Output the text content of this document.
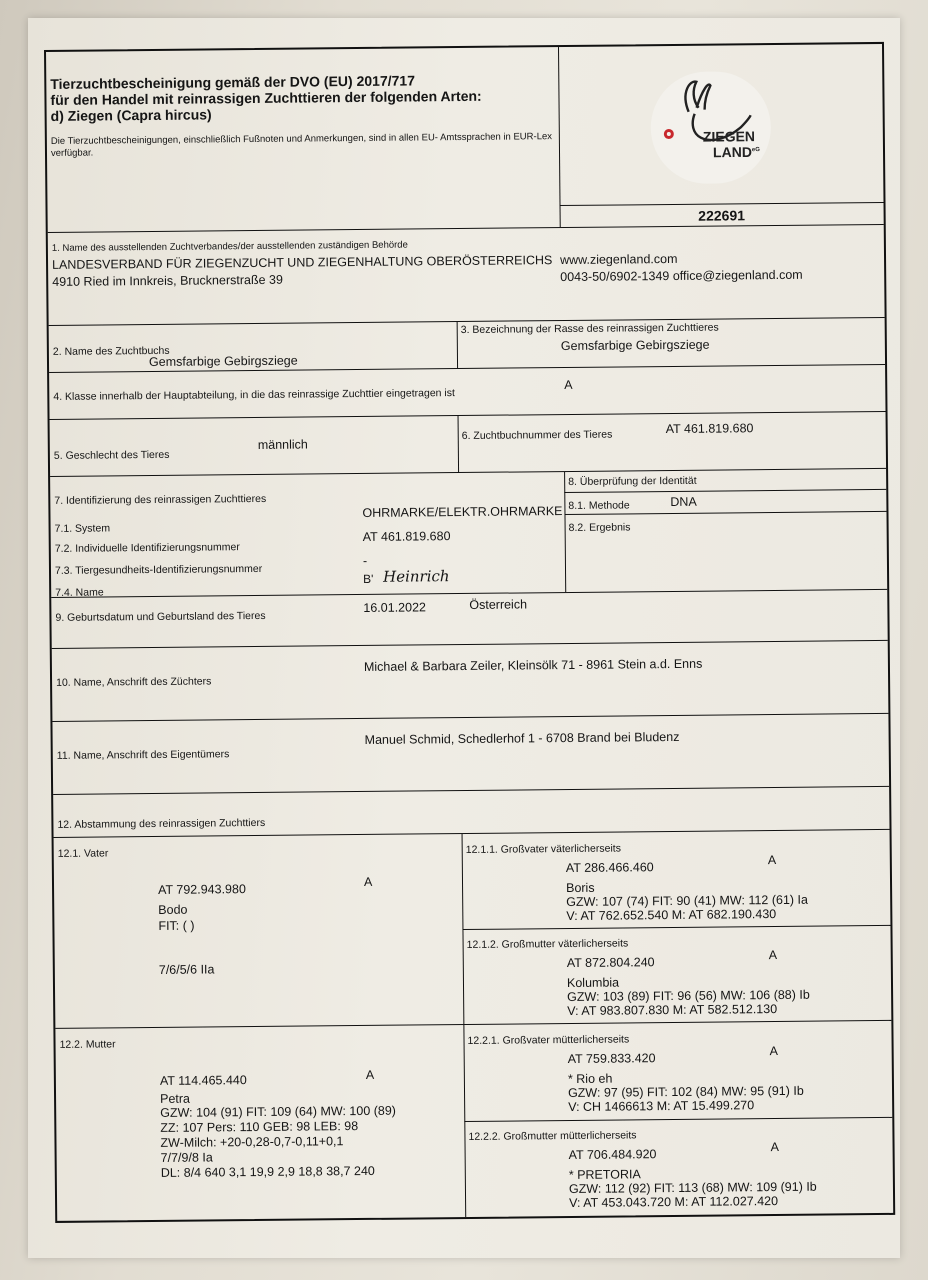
Tierzuchtbescheinigung gemäß der DVO (EU) 2017/717
für den Handel mit reinrassigen Zuchttieren der folgenden Arten:
d) Ziegen (Capra hircus)
Die Tierzuchtbescheinigungen, einschließlich Fußnoten und Anmerkungen, sind in allen EU- Amtssprachen in EUR-Lex verfügbar.
ZIEGEN
$LAND^{eG}$
222691
1. Name des ausstellenden Zuchtverbandes/der ausstellenden zuständigen Behörde
LANDESVERBAND FÜR ZIEGENZUCHT UND ZIEGENHALTUNG OBERÖSTERREICHS
4910 Ried im Innkreis, Brucknerstraße 39
www.ziegenland.com
0043-50/6902-1349 office@ziegenland.com
2. Name des Zuchtbuchs
Gemsfarbige Gebirgsziege
3. Bezeichnung der Rasse des reinrassigen Zuchttieres
Gemsfarbige Gebirgsziege
4. Klasse innerhalb der Hauptabteilung, in die das reinrassige Zuchttier eingetragen ist
A
5. Geschlecht des Tieres
männlich
6. Zuchtbuchnummer des Tieres	AT 461.819.680
7. Identifizierung des reinrassigen Zuchttieres
7.1. System
OHRMARKE/ELEKTR.OHRMARKE
7.2. Individuelle Identifizierungsnummer
AT 461.819.680
7.3. Tiergesundheits-Identifizierungsnummer
-
7.4. Name
B' Heinrich
8. Überprüfung der Identität
8.1. Methode	DNA
8.2. Ergebnis
9. Geburtsdatum und Geburtsland des Tieres
16.01.2022	Österreich
10. Name, Anschrift des Züchters
Michael & Barbara Zeiler, Kleinsölk 71 - 8961 Stein a.d. Enns
11. Name, Anschrift des Eigentümers
Manuel Schmid, Schedlerhof 1 - 6708 Brand bei Bludenz
12. Abstammung des reinrassigen Zuchttiers
12.1. Vater
AT 792.943.980
A
Bodo
FIT: ( )
7/6/5/6 IIa
12.1.1. Großvater väterlicherseits
AT 286.466.460
A
Boris
GZW: 107 (74) FIT: 90 (41) MW: 112 (61) Ia
V: AT 762.652.540 M: AT 682.190.430
12.1.2. Großmutter väterlicherseits
AT 872.804.240
A
Kolumbia
GZW: 103 (89) FIT: 96 (56) MW: 106 (88) Ib
V: AT 983.807.830 M: AT 582.512.130
12.2. Mutter
AT 114.465.440	A
Petra
GZW: 104 (91) FIT: 109 (64) MW: 100 (89)
ZZ: 107 Pers: 110 GEB: 98 LEB: 98
ZW-Milch: +20-0,28-0,7-0,11+0,1
7/7/9/8 Ia
DL: 8/4 640 3,1 19,9 2,9 18,8 38,7 240
12.2.1. Großvater mütterlicherseits
AT 759.833.420
A
* Rio eh
GZW: 97 (95) FIT: 102 (84) MW: 95 (91) Ib
V: CH 1466613 M: AT 15.499.270
12.2.2. Großmutter mütterlicherseits
AT 706.484.920
A
* PRETORIA
GZW: 112 (92) FIT: 113 (68) MW: 109 (91) Ib
V: AT 453.043.720 M: AT 112.027.420
